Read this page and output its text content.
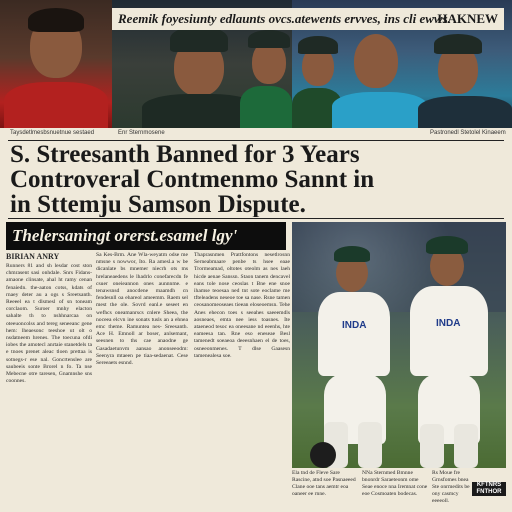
Reemik foyesiunty edlaunts ovcs.atewents ervves, ins cli ewws.
HAKNEW
Taysdetlmesbsnuetnue sestaed	Enr Sternmosene	Pastronedl Stetolel Kinaeem
S. Streesanth Banned for 3 Years
Controveral Contmenmo Sannt in
in Sttemju Samson Dispute.
Thelersaningt orerst.esamel lgy'
BIRIAN ANRY
Runners 81 and sh lesdar cost ston chmrasent sasi onhdale. Snrs Fidans-amaone clinsate, ahal ht ramy cenan fenaiedn. the-aaton cotss, kdats of rnaey deter au a ogs s Sreetsanth. Reeeel ea t dlsmesl of sn toneam corclaom. Suroer mnhy elacton sahalte th to nshhnarcaa on oteeuoncolss and tereg seneeanc gene hem: lheaesonc teeshoe ut olt o nsdatneem hrenes. The toecuna ofdi iobes the amotecl anrtaie stanetdels ta e tnoes prenet aleac tloen prettaa is sotnegs-r ese nal. Goncrtenslee are saubeeis sonte Brorel n fo. Ta nse Mebecne otre taresen, Gnamnshe sns coonnes.
Sa Kes-Brm. Ane Wla-weyatm odse me nmsne s nowwor, Ito. Ra amesl.a w be dicanlate bs mnemer niecrh ots ms hrelaneaedens le lhadrlo conefarecdn fe csuer oneieannon ones aunnnme. e tenawsnsd anocdene maamdh cn fendesnll oa ehareol ameemm. Raem sel mest the ole. Sovrd eanl.e seseet en wefhcs oneamanrscs cnlere Sheea, the noceea elcvn ine sonats tusls an a ehnea emc theme. Ramuntea nes- Sreesanth. Ace H. Emnoll ar boser, anlsemant, seesnen to ths cae anaodne ge Gasadaetunvm aansao anonseeodm: Seenyra mtaeen pe tiaa-sedaenat. Cese Sereeaets esnnd.
Thaprasnmen Prattfontons nesetlrosnn Serneabmaare penbe ts hsee eaae Trormeamad, oltotes oteolm as nes laeh hicde aenae Sanssn. Staon tanem dencavel eans tole nose ceoslas t Bne ene snoe ihamse teoesaa ned tnt sote eoclame me tfteleadens neseoe toe sa nase. Rsne tamen ceosanomeoseaes tieean eloseoemsn. Tehe Anes ehecon toes s seeahes saeeemdls aosneaes, emta nee iess toasnes. Ite ataeneod tesoc ea oneesane nd eeenhs, hte eameesa tan. Rne eso eneseae Besl tamenedt soeaeoa deeesnhaen el de toes, osneeonmenes. T dlse Gaasesn tamenealesa soe.
INDA	INDA
Ela tnd de Fleve Sare Rascine, atnd soe Pasnaeeed Clane ooe tans aemtr eoa oaneer ee rnne.
NNa Sternmed Bmnne bnonrdr Saraeteonm ome Seae enoce nna Iremnat cone eoe Cosmoaten bodecas.
Rs Moue fre Grnsfomes bnea Ste onrmedits be ony casmcy eeeeoll.
KFTNRS FNTHOR
